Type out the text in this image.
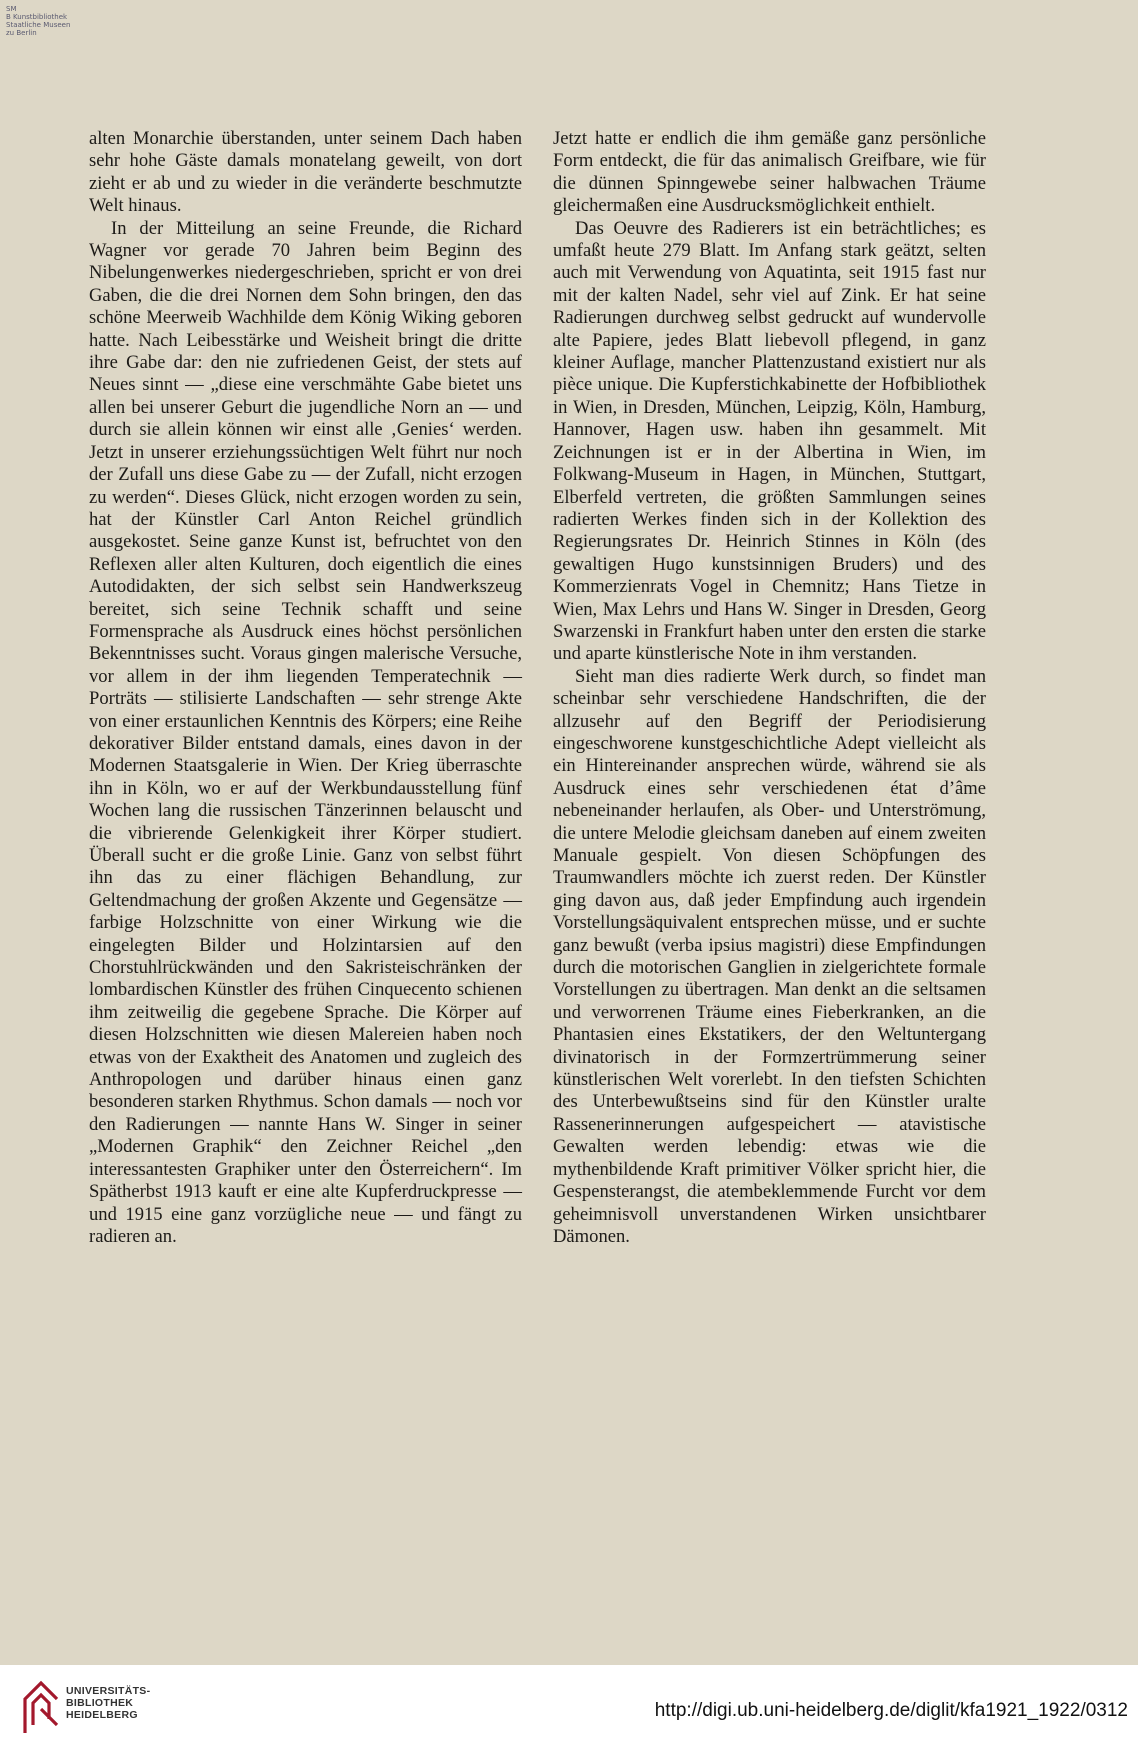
SM
B Kunstbibliothek
Staatliche Museen
zu Berlin

alten Monarchie überstanden, unter seinem Dach haben sehr hohe Gäste damals monatelang geweilt, von dort zieht er ab und zu wieder in die veränderte beschmutzte Welt hinaus.

In der Mitteilung an seine Freunde, die Richard Wagner vor gerade 70 Jahren beim Beginn des Nibelungenwerkes niedergeschrieben, spricht er von drei Gaben, die die drei Nornen dem Sohn bringen, den das schöne Meerweib Wachhilde dem König Wiking geboren hatte. Nach Leibesstärke und Weisheit bringt die dritte ihre Gabe dar: den nie zufriedenen Geist, der stets auf Neues sinnt — „diese eine verschmähte Gabe bietet uns allen bei unserer Geburt die jugendliche Norn an — und durch sie allein können wir einst alle ‚Genies‘ werden. Jetzt in unserer erziehungssüchtigen Welt führt nur noch der Zufall uns diese Gabe zu — der Zufall, nicht erzogen zu werden“. Dieses Glück, nicht erzogen worden zu sein, hat der Künstler Carl Anton Reichel gründlich ausgekostet. Seine ganze Kunst ist, befruchtet von den Reflexen aller alten Kulturen, doch eigentlich die eines Autodidakten, der sich selbst sein Handwerkszeug bereitet, sich seine Technik schafft und seine Formensprache als Ausdruck eines höchst persönlichen Bekenntnisses sucht. Voraus gingen malerische Versuche, vor allem in der ihm liegenden Temperatechnik — Porträts — stilisierte Landschaften — sehr strenge Akte von einer erstaunlichen Kenntnis des Körpers; eine Reihe dekorativer Bilder entstand damals, eines davon in der Modernen Staatsgalerie in Wien. Der Krieg überraschte ihn in Köln, wo er auf der Werkbundausstellung fünf Wochen lang die russischen Tänzerinnen belauscht und die vibrierende Gelenkigkeit ihrer Körper studiert. Überall sucht er die große Linie. Ganz von selbst führt ihn das zu einer flächigen Behandlung, zur Geltendmachung der großen Akzente und Gegensätze — farbige Holzschnitte von einer Wirkung wie die eingelegten Bilder und Holzintarsien auf den Chorstuhlrückwänden und den Sakristeischränken der lombardischen Künstler des frühen Cinquecento schienen ihm zeitweilig die gegebene Sprache. Die Körper auf diesen Holzschnitten wie diesen Malereien haben noch etwas von der Exaktheit des Anatomen und zugleich des Anthropologen und darüber hinaus einen ganz besonderen starken Rhythmus. Schon damals — noch vor den Radierungen — nannte Hans W. Singer in seiner „Modernen Graphik“ den Zeichner Reichel „den interessantesten Graphiker unter den Österreichern“. Im Spätherbst 1913 kauft er eine alte Kupferdruckpresse — und 1915 eine ganz vorzügliche neue — und fängt zu radieren an.

Jetzt hatte er endlich die ihm gemäße ganz persönliche Form entdeckt, die für das animalisch Greifbare, wie für die dünnen Spinngewebe seiner halbwachen Träume gleichermaßen eine Ausdrucksmöglichkeit enthielt.

Das Oeuvre des Radierers ist ein beträchtliches; es umfaßt heute 279 Blatt. Im Anfang stark geätzt, selten auch mit Verwendung von Aquatinta, seit 1915 fast nur mit der kalten Nadel, sehr viel auf Zink. Er hat seine Radierungen durchweg selbst gedruckt auf wundervolle alte Papiere, jedes Blatt liebevoll pflegend, in ganz kleiner Auflage, mancher Plattenzustand existiert nur als pièce unique. Die Kupferstichkabinette der Hofbibliothek in Wien, in Dresden, München, Leipzig, Köln, Hamburg, Hannover, Hagen usw. haben ihn gesammelt. Mit Zeichnungen ist er in der Albertina in Wien, im Folkwang-Museum in Hagen, in München, Stuttgart, Elberfeld vertreten, die größten Sammlungen seines radierten Werkes finden sich in der Kollektion des Regierungsrates Dr. Heinrich Stinnes in Köln (des gewaltigen Hugo kunstsinnigen Bruders) und des Kommerzienrats Vogel in Chemnitz; Hans Tietze in Wien, Max Lehrs und Hans W. Singer in Dresden, Georg Swarzenski in Frankfurt haben unter den ersten die starke und aparte künstlerische Note in ihm verstanden.

Sieht man dies radierte Werk durch, so findet man scheinbar sehr verschiedene Handschriften, die der allzusehr auf den Begriff der Periodisierung eingeschworene kunstgeschichtliche Adept vielleicht als ein Hintereinander ansprechen würde, während sie als Ausdruck eines sehr verschiedenen état d’âme nebeneinander herlaufen, als Ober- und Unterströmung, die untere Melodie gleichsam daneben auf einem zweiten Manuale gespielt. Von diesen Schöpfungen des Traumwandlers möchte ich zuerst reden. Der Künstler ging davon aus, daß jeder Empfindung auch irgendein Vorstellungsäquivalent entsprechen müsse, und er suchte ganz bewußt (verba ipsius magistri) diese Empfindungen durch die motorischen Ganglien in zielgerichtete formale Vorstellungen zu übertragen. Man denkt an die seltsamen und verworrenen Träume eines Fieberkranken, an die Phantasien eines Ekstatikers, der den Weltuntergang divinatorisch in der Formzertrümmerung seiner künstlerischen Welt vorerlebt. In den tiefsten Schichten des Unterbewußtseins sind für den Künstler uralte Rassenerinnerungen aufgespeichert — atavistische Gewalten werden lebendig: etwas wie die mythenbildende Kraft primitiver Völker spricht hier, die Gespensterangst, die atembeklemmende Furcht vor dem geheimnisvoll unverstandenen Wirken unsichtbarer Dämonen.

UNIVERSITÄTS-
BIBLIOTHEK
HEIDELBERG	http://digi.ub.uni-heidelberg.de/diglit/kfa1921_1922/0312
